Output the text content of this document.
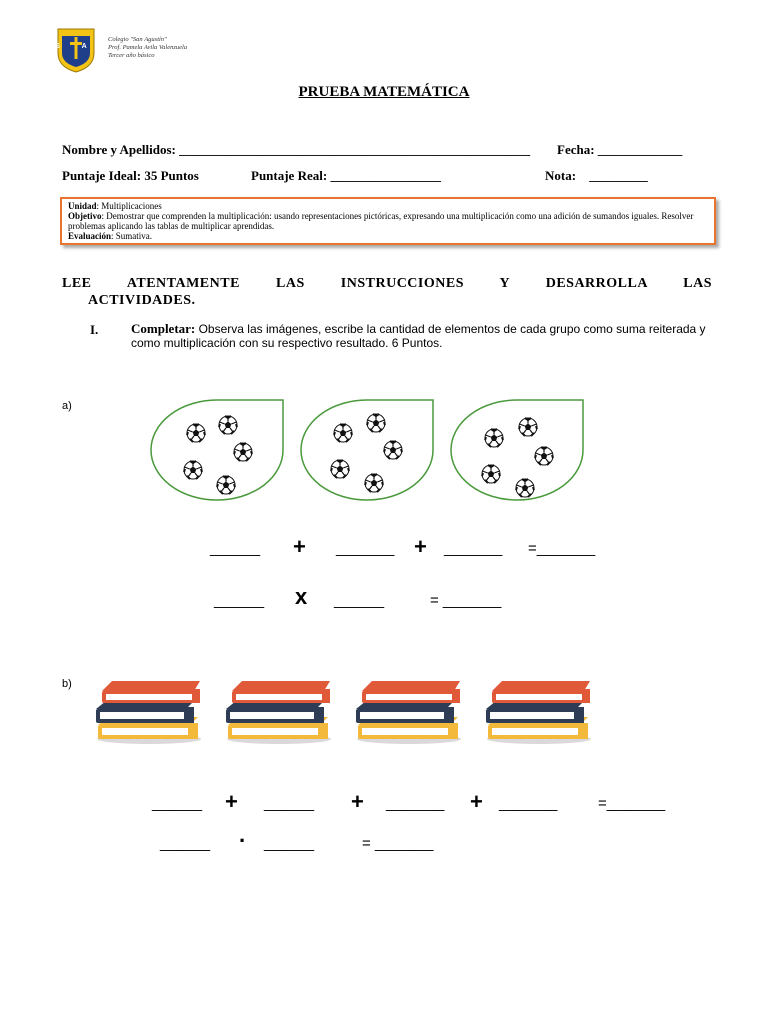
S A
Colegio "San Agustín"
Prof. Pamela Avila Valenzuela
Tercer año básico
PRUEBA MATEMÁTICA
Nombre y Apellidos: ______________________________________________________ Fecha: _____________
Puntaje Ideal: 35 Puntos	Puntaje Real: _________________	Nota: _________
Unidad: Multiplicaciones
Objetivo: Demostrar que comprenden la multiplicación: usando representaciones pictóricas, expresando una multiplicación como una adición de sumandos iguales. Resolver problemas aplicando las tablas de multiplicar aprendidas.
Evaluación: Sumativa.
LEE ATENTAMENTE LAS INSTRUCCIONES Y DESARROLLA LAS
ACTIVIDADES.
I.	Completar: Observa las imágenes, escribe la cantidad de elementos de cada grupo como suma reiterada y como multiplicación con su respectivo resultado. 6 Puntos.
a)
______ + _______ + _______ =_______
______ x ______	= _______
b)
______ + ______ + _______ + _______	=_______
______ · ______	= _______
